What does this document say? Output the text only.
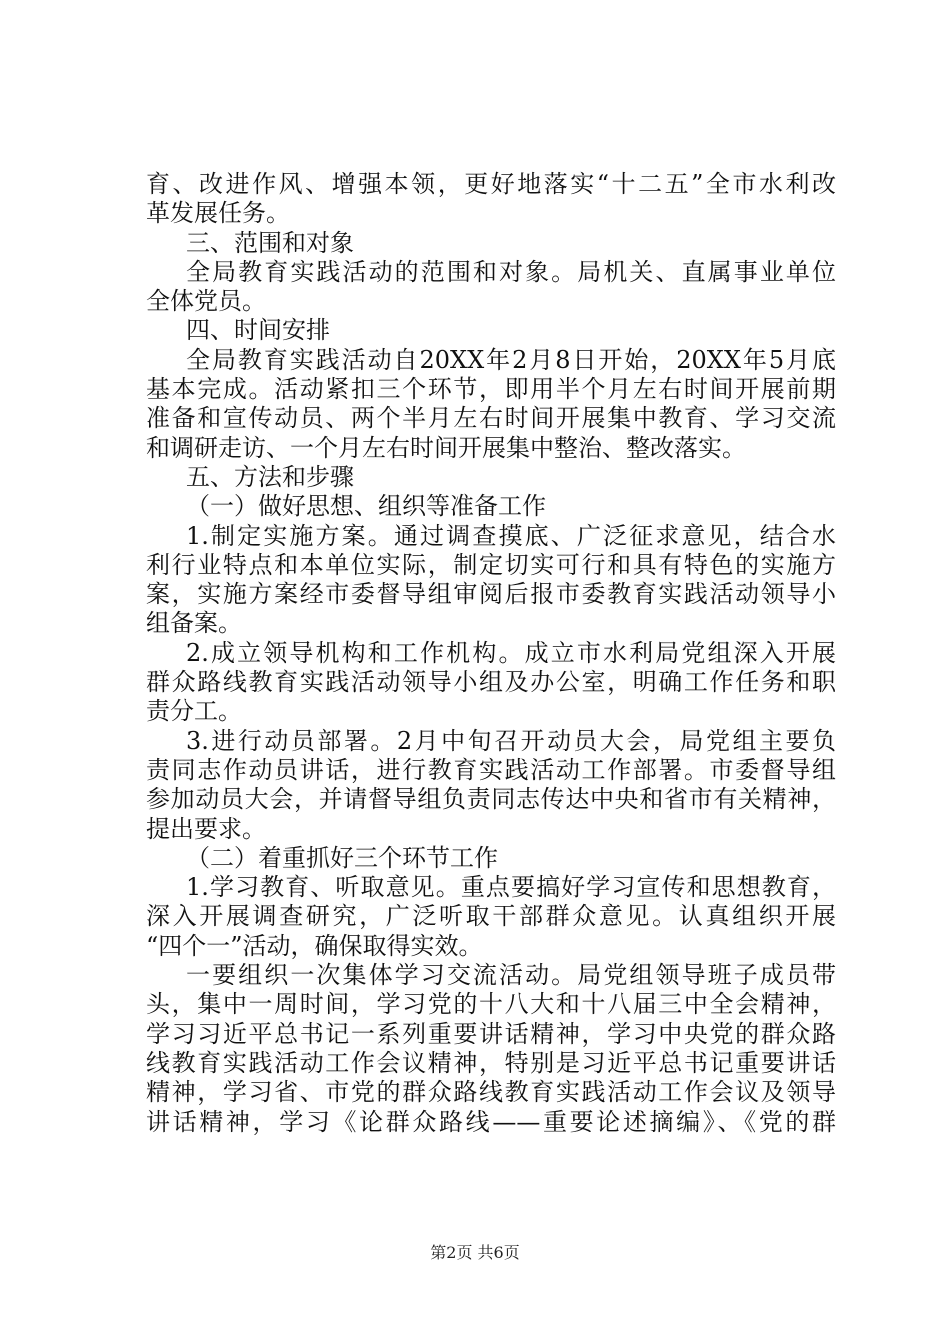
育、改进作风、增强本领，更好地落实“十二五”全市水利改
革发展任务。
三、范围和对象
全局教育实践活动的范围和对象。局机关、直属事业单位
全体党员。
四、时间安排
全局教育实践活动自20XX年2月8日开始，20XX年5月底
基本完成。活动紧扣三个环节，即用半个月左右时间开展前期
准备和宣传动员、两个半月左右时间开展集中教育、学习交流
和调研走访、一个月左右时间开展集中整治、整改落实。
五、方法和步骤
（一）做好思想、组织等准备工作
1.制定实施方案。通过调查摸底、广泛征求意见，结合水
利行业特点和本单位实际，制定切实可行和具有特色的实施方
案，实施方案经市委督导组审阅后报市委教育实践活动领导小
组备案。
2.成立领导机构和工作机构。成立市水利局党组深入开展
群众路线教育实践活动领导小组及办公室，明确工作任务和职
责分工。
3.进行动员部署。2月中旬召开动员大会，局党组主要负
责同志作动员讲话，进行教育实践活动工作部署。市委督导组
参加动员大会，并请督导组负责同志传达中央和省市有关精神，
提出要求。
（二）着重抓好三个环节工作
1.学习教育、听取意见。重点要搞好学习宣传和思想教育，
深入开展调查研究，广泛听取干部群众意见。认真组织开展
“四个一”活动，确保取得实效。
一要组织一次集体学习交流活动。局党组领导班子成员带
头，集中一周时间，学习党的十八大和十八届三中全会精神，
学习习近平总书记一系列重要讲话精神，学习中央党的群众路
线教育实践活动工作会议精神，特别是习近平总书记重要讲话
精神，学习省、市党的群众路线教育实践活动工作会议及领导
讲话精神，学习《论群众路线——重要论述摘编》、《党的群
第2页 共6页
